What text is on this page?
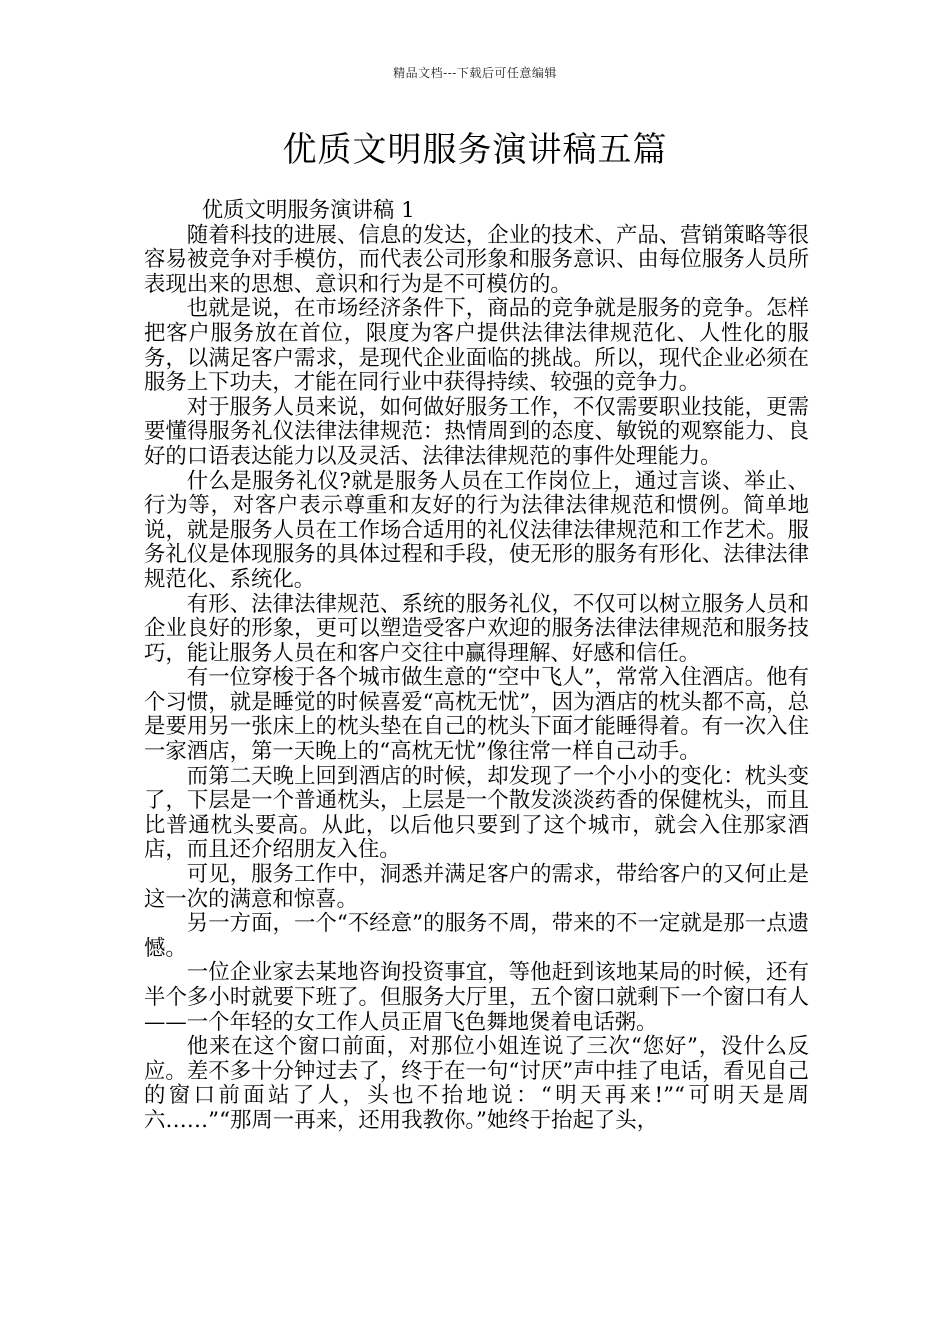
精品文档---下载后可任意编辑
优质文明服务演讲稿五篇

优质文明服务演讲稿 1

随着科技的进展、信息的发达，企业的技术、产品、营销策略等很容易被竞争对手模仿，而代表公司形象和服务意识、由每位服务人员所表现出来的思想、意识和行为是不可模仿的。

也就是说，在市场经济条件下，商品的竞争就是服务的竞争。怎样把客户服务放在首位，限度为客户提供法律法律规范化、人性化的服务，以满足客户需求，是现代企业面临的挑战。所以，现代企业必须在服务上下功夫，才能在同行业中获得持续、较强的竞争力。

对于服务人员来说，如何做好服务工作，不仅需要职业技能，更需要懂得服务礼仪法律法律规范：热情周到的态度、敏锐的观察能力、良好的口语表达能力以及灵活、法律法律规范的事件处理能力。

什么是服务礼仪?就是服务人员在工作岗位上，通过言谈、举止、行为等，对客户表示尊重和友好的行为法律法律规范和惯例。简单地说，就是服务人员在工作场合适用的礼仪法律法律规范和工作艺术。服务礼仪是体现服务的具体过程和手段，使无形的服务有形化、法律法律规范化、系统化。

有形、法律法律规范、系统的服务礼仪，不仅可以树立服务人员和企业良好的形象，更可以塑造受客户欢迎的服务法律法律规范和服务技巧，能让服务人员在和客户交往中赢得理解、好感和信任。

有一位穿梭于各个城市做生意的“空中飞人”，常常入住酒店。他有个习惯，就是睡觉的时候喜爱“高枕无忧”，因为酒店的枕头都不高，总是要用另一张床上的枕头垫在自己的枕头下面才能睡得着。有一次入住一家酒店，第一天晚上的“高枕无忧”像往常一样自己动手。

而第二天晚上回到酒店的时候，却发现了一个小小的变化：枕头变了，下层是一个普通枕头，上层是一个散发淡淡药香的保健枕头，而且比普通枕头要高。从此，以后他只要到了这个城市，就会入住那家酒店，而且还介绍朋友入住。

可见，服务工作中，洞悉并满足客户的需求，带给客户的又何止是这一次的满意和惊喜。

另一方面，一个“不经意”的服务不周，带来的不一定就是那一点遗憾。

一位企业家去某地咨询投资事宜，等他赶到该地某局的时候，还有半个多小时就要下班了。但服务大厅里，五个窗口就剩下一个窗口有人——一个年轻的女工作人员正眉飞色舞地煲着电话粥。

他来在这个窗口前面，对那位小姐连说了三次“您好”，没什么反应。差不多十分钟过去了，终于在一句“讨厌”声中挂了电话，看见自己的窗口前面站了人，头也不抬地说：“明天再来!”“可明天是周六……”“那周一再来，还用我教你。”她终于抬起了头，
